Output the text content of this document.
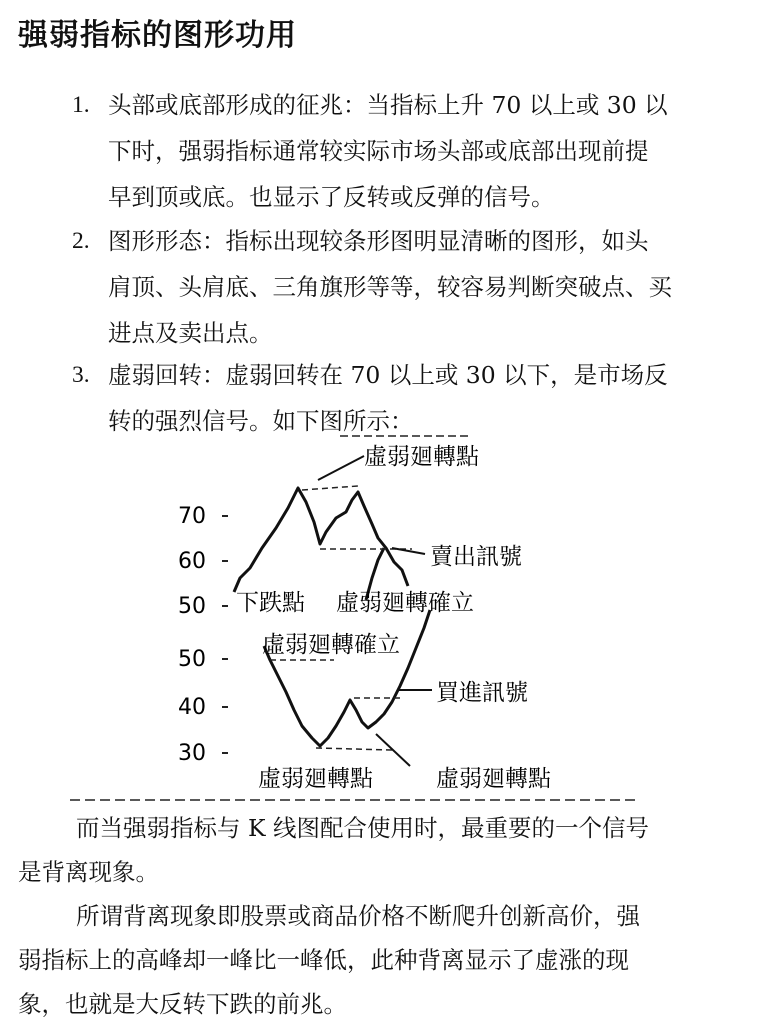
强弱指标的图形功用
1. 头部或底部形成的征兆：当指标上升 70 以上或 30 以
下时，强弱指标通常较实际市场头部或底部出现前提
早到顶或底。也显示了反转或反弹的信号。
2. 图形形态：指标出现较条形图明显清晰的图形，如头
肩顶、头肩底、三角旗形等等，较容易判断突破点、买
进点及卖出点。
3. 虚弱回转：虚弱回转在 70 以上或 30 以下，是市场反
转的强烈信号。如下图所示：
70
60
50
虛弱廻轉點
賣出訊號
下跌點 虛弱廻轉確立
50
40
30
虛弱廻轉確立
買進訊號
虛弱廻轉點	虛弱廻轉點
而当强弱指标与 K 线图配合使用时，最重要的一个信号
是背离现象。
所谓背离现象即股票或商品价格不断爬升创新高价，强
弱指标上的高峰却一峰比一峰低，此种背离显示了虚涨的现
象，也就是大反转下跌的前兆。
